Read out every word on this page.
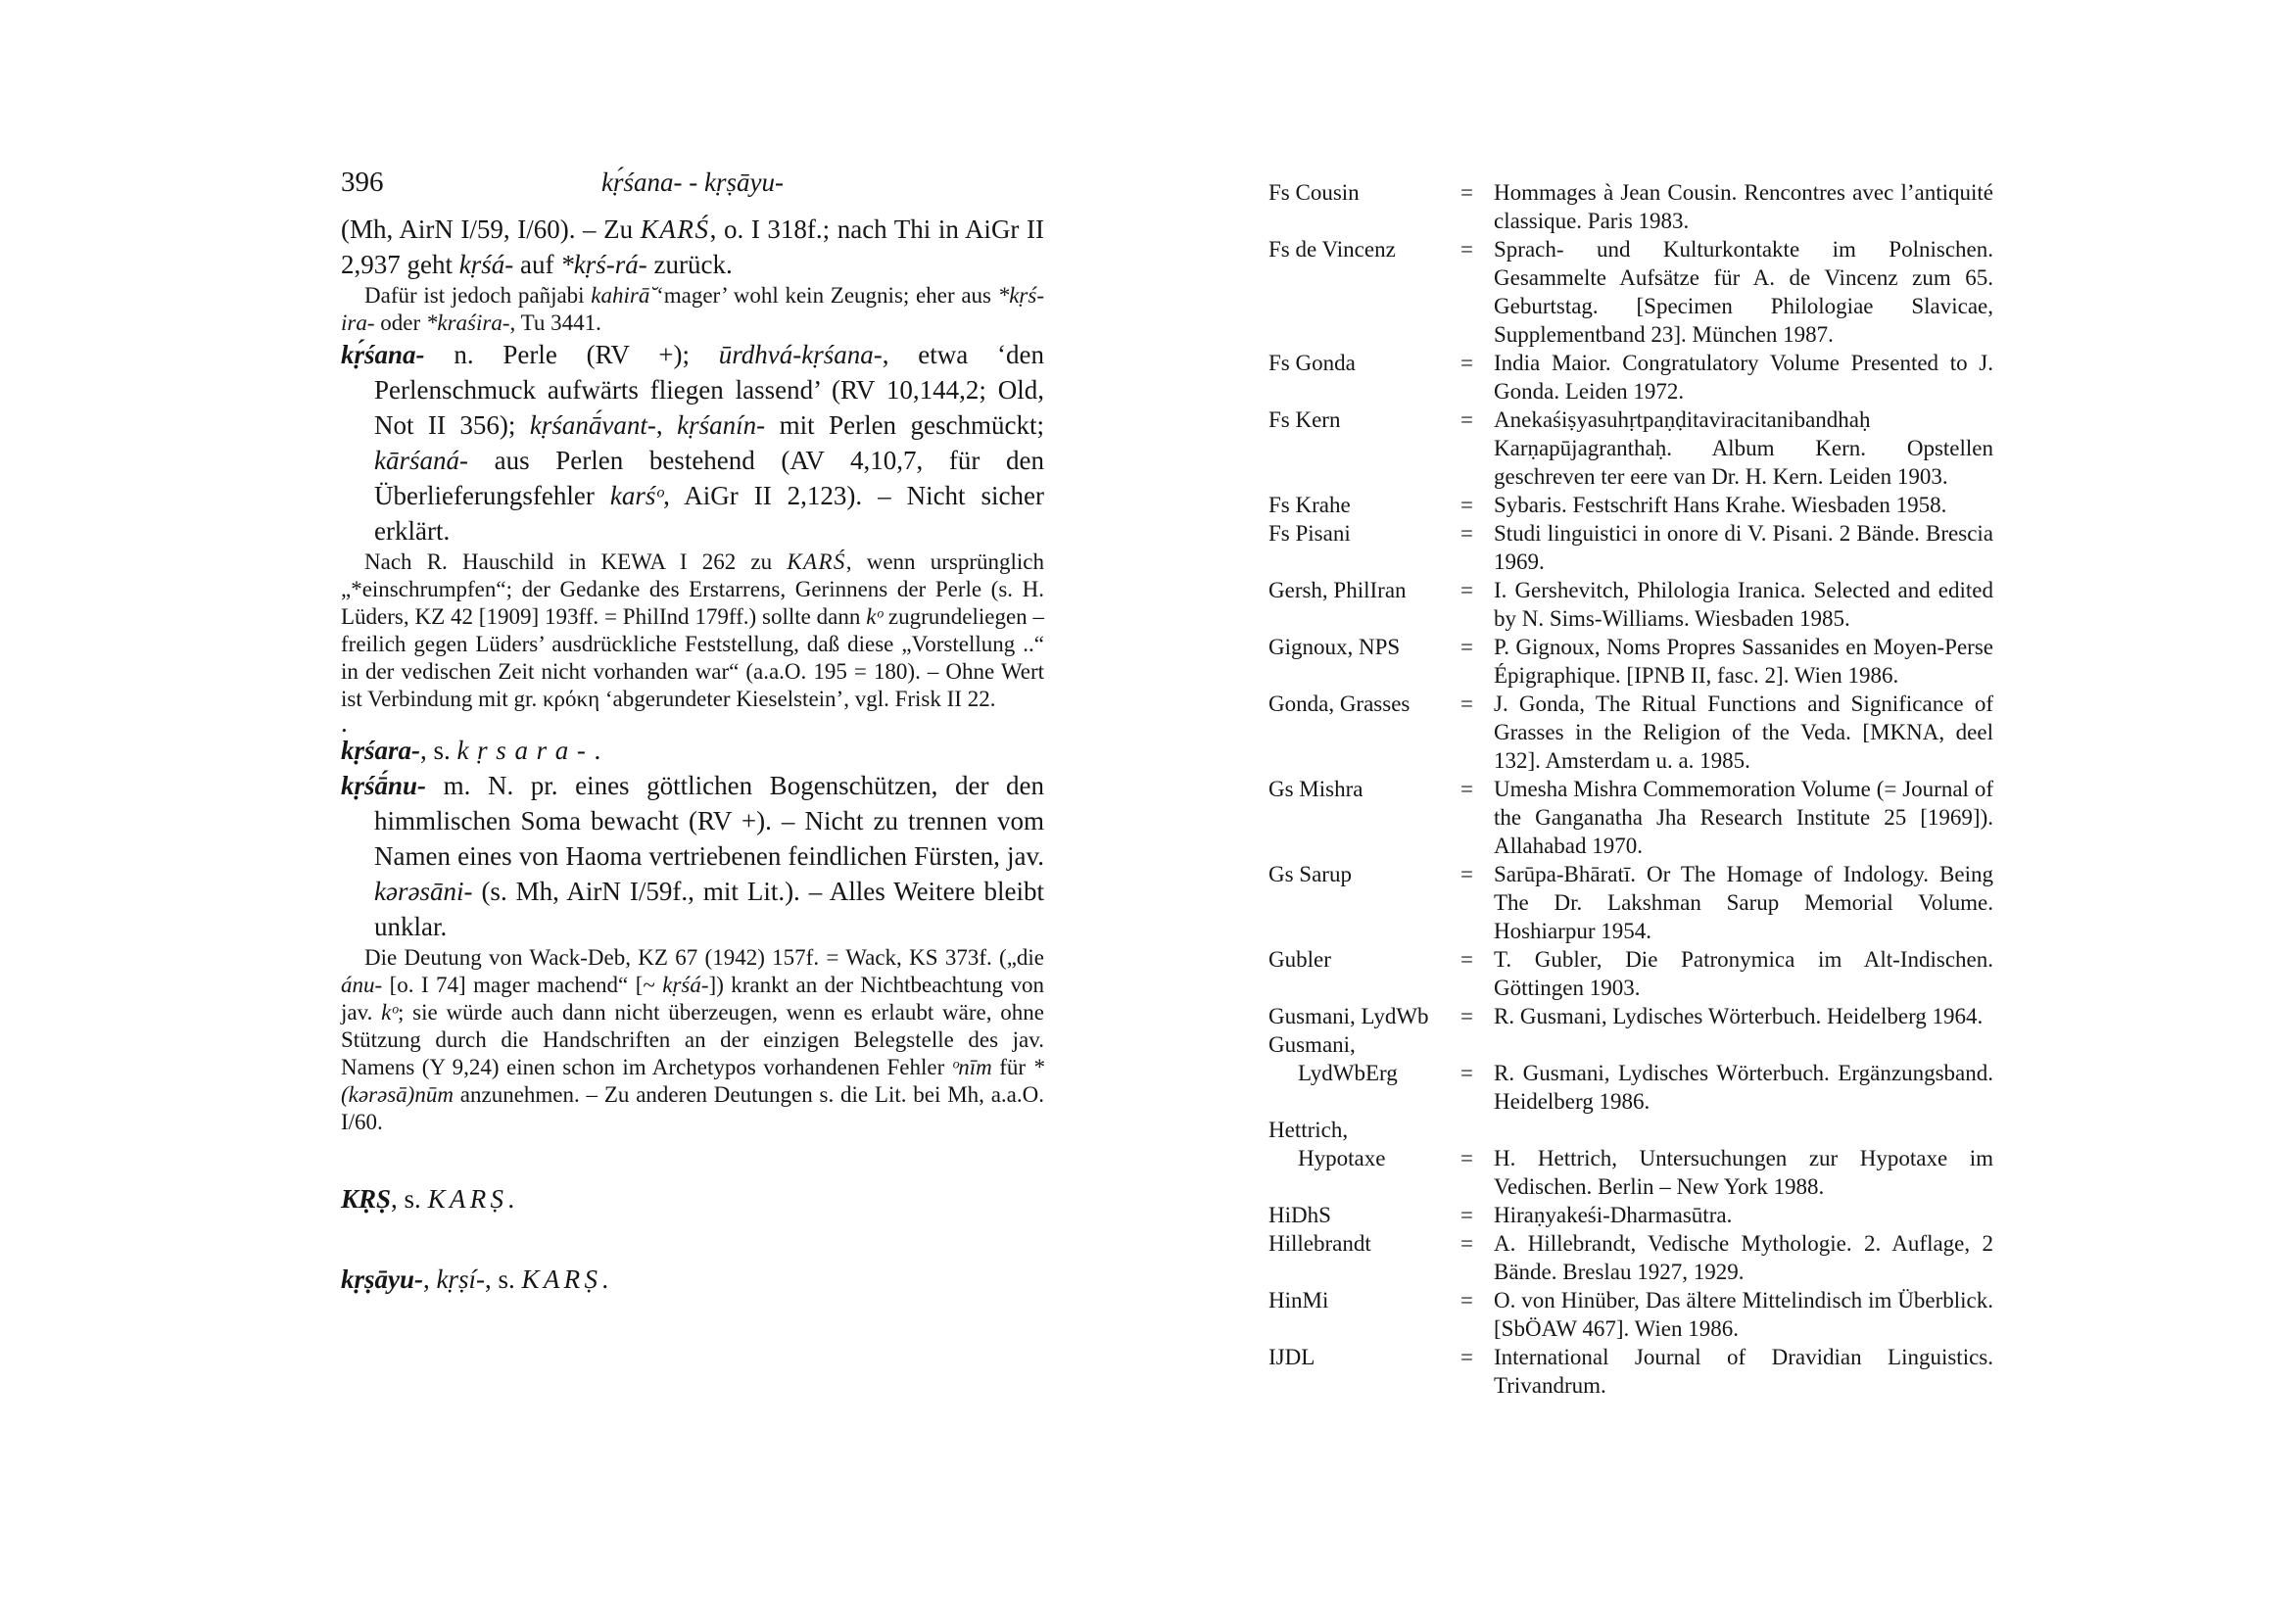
396	kṛ́śana- - kṛṣāyu-

(Mh, AirN I/59, I/60). – Zu KARŚ, o. I 318f.; nach Thi in AiGr II 2,937 geht kṛśá- auf *kṛś-rá- zurück.

Dafür ist jedoch pañjabi kahirā̆ ‘mager’ wohl kein Zeugnis; eher aus *kṛś-ira- oder *kraśira-, Tu 3441.

kṛ́śana- n. Perle (RV +); ūrdhvá-kṛśana-, etwa ‘den Perlenschmuck aufwärts fliegen lassend’ (RV 10,144,2; Old, Not II 356); kṛśanā́vant-, kṛśanín- mit Perlen geschmückt; kārśaná- aus Perlen bestehend (AV 4,10,7, für den Überlieferungsfehler karśᵒ, AiGr II 2,123). – Nicht sicher erklärt.

Nach R. Hauschild in KEWA I 262 zu KARŚ, wenn ursprünglich „*einschrumpfen“; der Gedanke des Erstarrens, Gerinnens der Perle (s. H. Lüders, KZ 42 [1909] 193ff. = PhilInd 179ff.) sollte dann kᵒ zugrundeliegen – freilich gegen Lüders’ ausdrückliche Feststellung, daß diese „Vorstellung ..“ in der vedischen Zeit nicht vorhanden war“ (a.a.O. 195 = 180). – Ohne Wert ist Verbindung mit gr. κρόκη ‘abgerundeter Kieselstein’, vgl. Frisk II 22.

.

kṛśara-, s. kṛsara-.

kṛśā́nu- m. N. pr. eines göttlichen Bogenschützen, der den himmlischen Soma bewacht (RV +). – Nicht zu trennen vom Namen eines von Haoma vertriebenen feindlichen Fürsten, jav. kərəsāni- (s. Mh, AirN I/59f., mit Lit.). – Alles Weitere bleibt unklar.

Die Deutung von Wack-Deb, KZ 67 (1942) 157f. = Wack, KS 373f. („die ánu- [o. I 74] mager machend“ [~ kṛśá-]) krankt an der Nichtbeachtung von jav. kᵒ; sie würde auch dann nicht überzeugen, wenn es erlaubt wäre, ohne Stützung durch die Handschriften an der einzigen Belegstelle des jav. Namens (Y 9,24) einen schon im Archetypos vorhandenen Fehler ᵒnīm für *(kərəsā)nūm anzunehmen. – Zu anderen Deutungen s. die Lit. bei Mh, a.a.O. I/60.

KṚṢ, s. KARṢ.

kṛṣāyu-, kṛṣí-, s. KARṢ.

Fs Cousin	= Hommages à Jean Cousin. Rencontres avec l’antiquité classique. Paris 1983.
Fs de Vincenz	= Sprach- und Kulturkontakte im Polnischen. Gesammelte Aufsätze für A. de Vincenz zum 65. Geburtstag. [Specimen Philologiae Slavicae, Supplementband 23]. München 1987.
Fs Gonda	= India Maior. Congratulatory Volume Presented to J. Gonda. Leiden 1972.
Fs Kern	= Anekaśiṣyasuhṛtpaṇḍitaviracitanibandhaḥ Karṇapūjagranthaḥ. Album Kern. Opstellen geschreven ter eere van Dr. H. Kern. Leiden 1903.
Fs Krahe	= Sybaris. Festschrift Hans Krahe. Wiesbaden 1958.
Fs Pisani	= Studi linguistici in onore di V. Pisani. 2 Bände. Brescia 1969.
Gersh, PhilIran	= I. Gershevitch, Philologia Iranica. Selected and edited by N. Sims-Williams. Wiesbaden 1985.
Gignoux, NPS	= P. Gignoux, Noms Propres Sassanides en Moyen-Perse Épigraphique. [IPNB II, fasc. 2]. Wien 1986.
Gonda, Grasses	= J. Gonda, The Ritual Functions and Significance of Grasses in the Religion of the Veda. [MKNA, deel 132]. Amsterdam u. a. 1985.
Gs Mishra	= Umesha Mishra Commemoration Volume (= Journal of the Ganganatha Jha Research Institute 25 [1969]). Allahabad 1970.
Gs Sarup	= Sarūpa-Bhāratī. Or The Homage of Indology. Being The Dr. Lakshman Sarup Memorial Volume. Hoshiarpur 1954.
Gubler	= T. Gubler, Die Patronymica im Alt-Indischen. Göttingen 1903.
Gusmani, LydWb	= R. Gusmani, Lydisches Wörterbuch. Heidelberg 1964.
Gusmani,
LydWbErg	= R. Gusmani, Lydisches Wörterbuch. Ergänzungsband. Heidelberg 1986.
Hettrich,
Hypotaxe	= H. Hettrich, Untersuchungen zur Hypotaxe im Vedischen. Berlin – New York 1988.
HiDhS	= Hiraṇyakeśi-Dharmasūtra.
Hillebrandt	= A. Hillebrandt, Vedische Mythologie. 2. Auflage, 2 Bände. Breslau 1927, 1929.
HinMi	= O. von Hinüber, Das ältere Mittelindisch im Überblick. [SbÖAW 467]. Wien 1986.
IJDL	= International Journal of Dravidian Linguistics. Trivandrum.
